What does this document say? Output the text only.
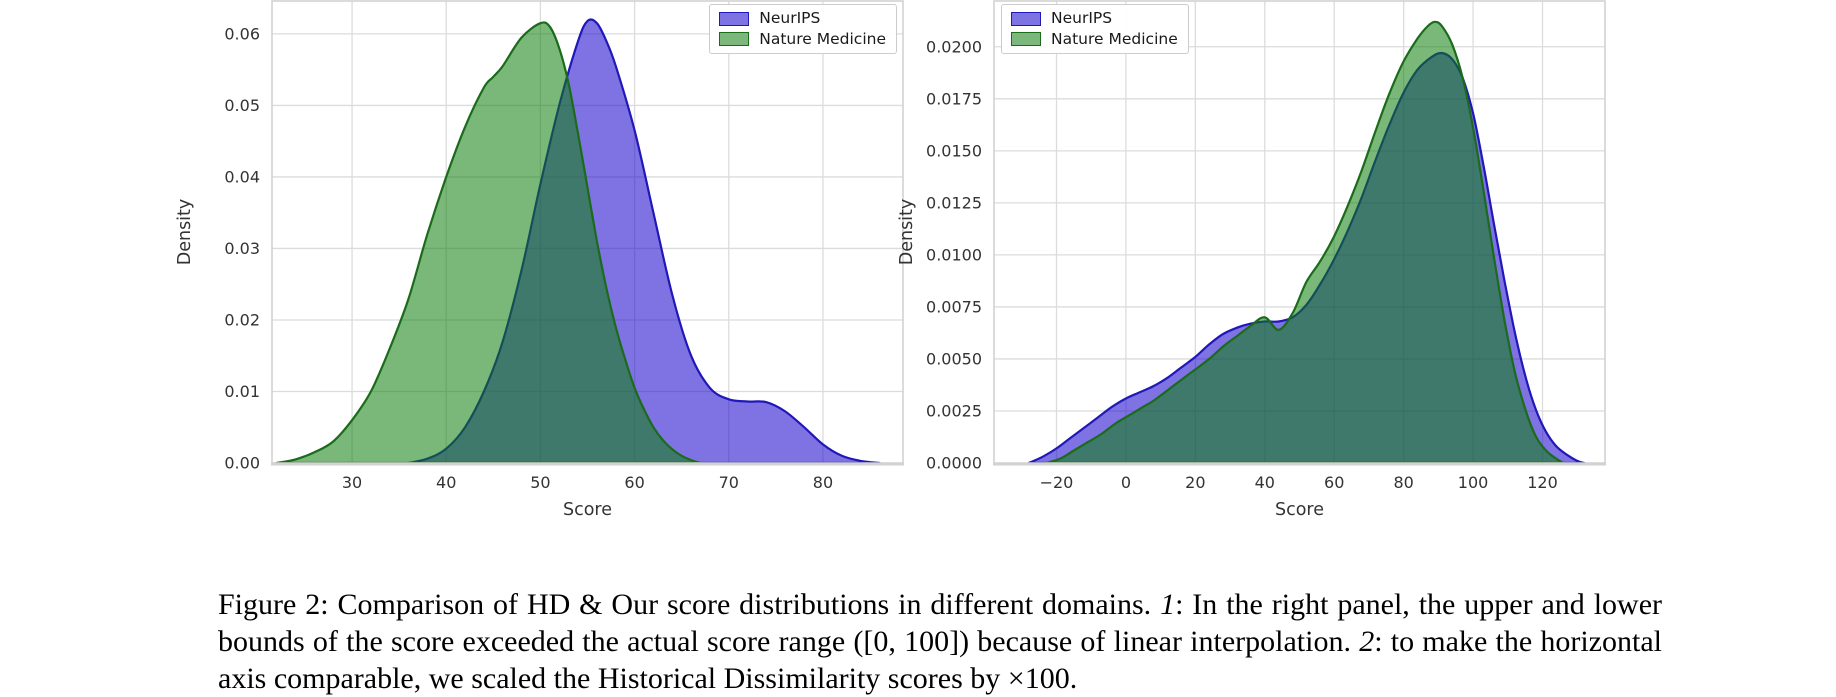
30	40	50	60	70	80
0.00
0.01
0.02
0.03
0.04
0.05
0.06
Score
Density
−20	0	20	40	60	80	100 120
0.0000
0.0025
0.0050
0.0075
0.0100
0.0125
0.0150
0.0175
0.0200
Score
Density
NeurIPS
Nature Medicine
NeurIPS
Nature Medicine

Figure 2: Comparison of HD & Our score distributions in different domains. 1: In the right panel, the upper and lower bounds of the score exceeded the actual score range ([0, 100]) because of linear interpolation. 2: to make the horizontal axis comparable, we scaled the Historical Dissimilarity scores by ×100.
